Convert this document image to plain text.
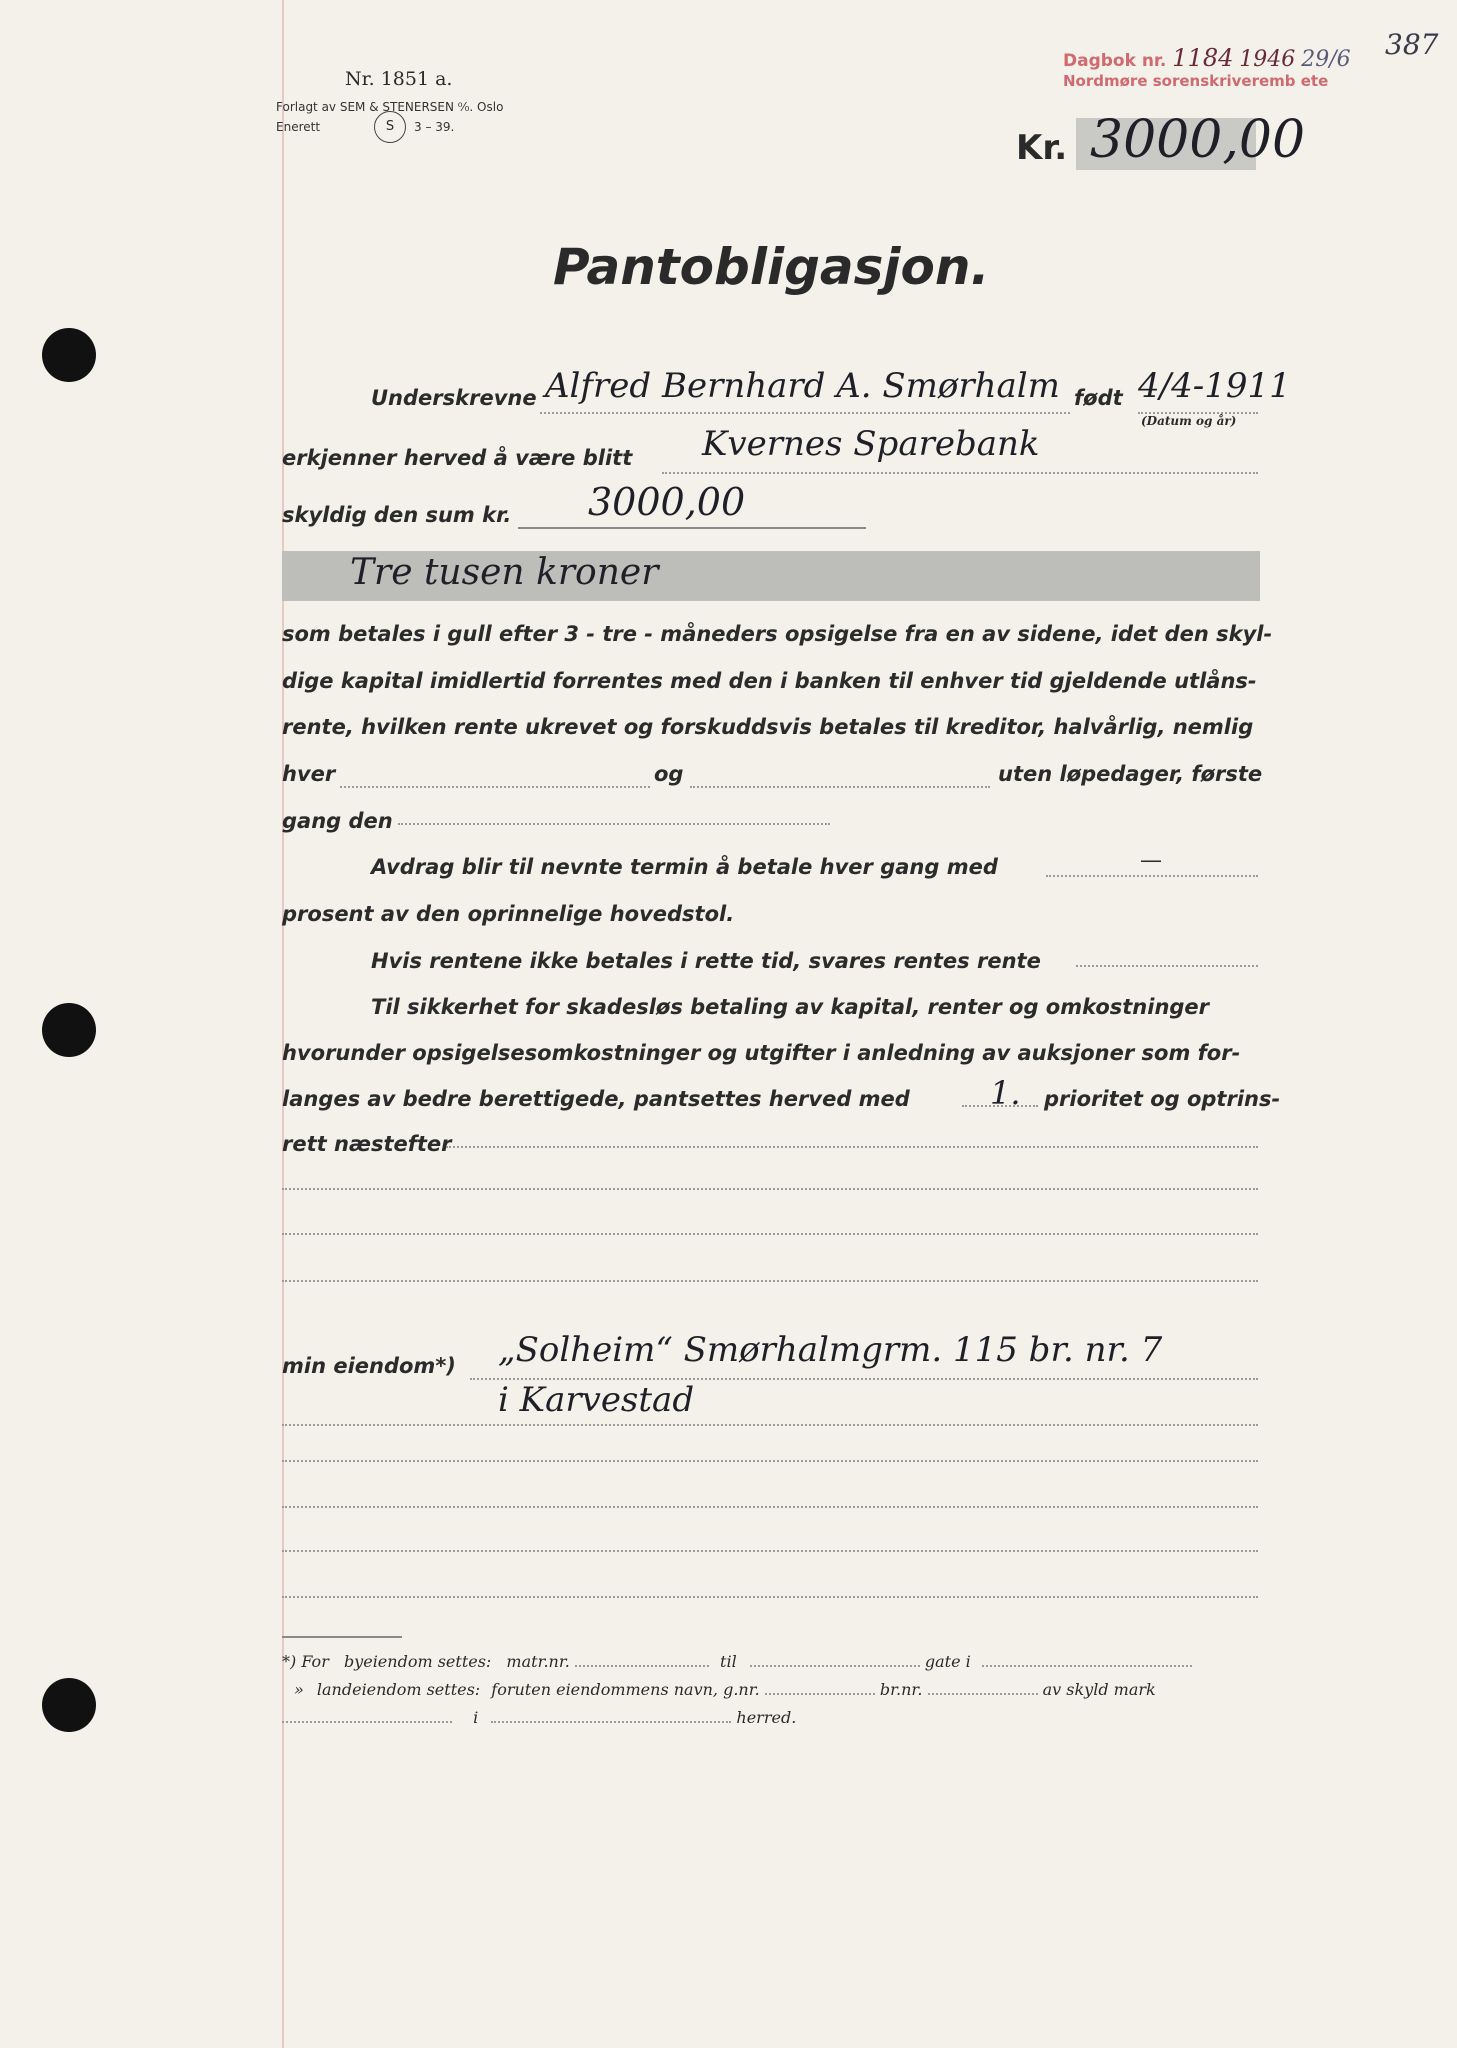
Nr. 1851 a.
Forlagt av SEM & STENERSEN ⁰⁄₀. Oslo
Enerett	S	3 – 39.
Dagbok nr. 1184 1946 29/6
Nordmøre sorenskriveremb ete
387
Kr. 3000,00
Pantobligasjon.
Underskrevne Alfred Bernhard A. Smørhalm født 4/4-1911
(Datum og år)
erkjenner herved å være blitt Kvernes Sparebank
skyldig den sum kr. 3000,00
Tre tusen kroner
som betales i gull efter 3 - tre - måneders opsigelse fra en av sidene, idet den skyl-
dige kapital imidlertid forrentes med den i banken til enhver tid gjeldende utlåns-
rente, hvilken rente ukrevet og forskuddsvis betales til kreditor, halvårlig, nemlig
hver	og	uten løpedager, første
gang den
Avdrag blir til nevnte termin å betale hver gang med	—
prosent av den oprinnelige hovedstol.
Hvis rentene ikke betales i rette tid, svares rentes rente
Til sikkerhet for skadesløs betaling av kapital, renter og omkostninger
hvorunder opsigelsesomkostninger og utgifter i anledning av auksjoner som for-
langes av bedre berettigede, pantsettes herved med	1. prioritet og optrins-
rett næstefter
min eiendom*) „Solheim“ Smørhalmgrm. 115 br. nr. 7
i Karvestad
*) For byeiendom settes: matr.nr.	til	gate i
» landeiendom settes: foruten eiendommens navn, g.nr.	br.nr.	av skyld mark
i	herred.
